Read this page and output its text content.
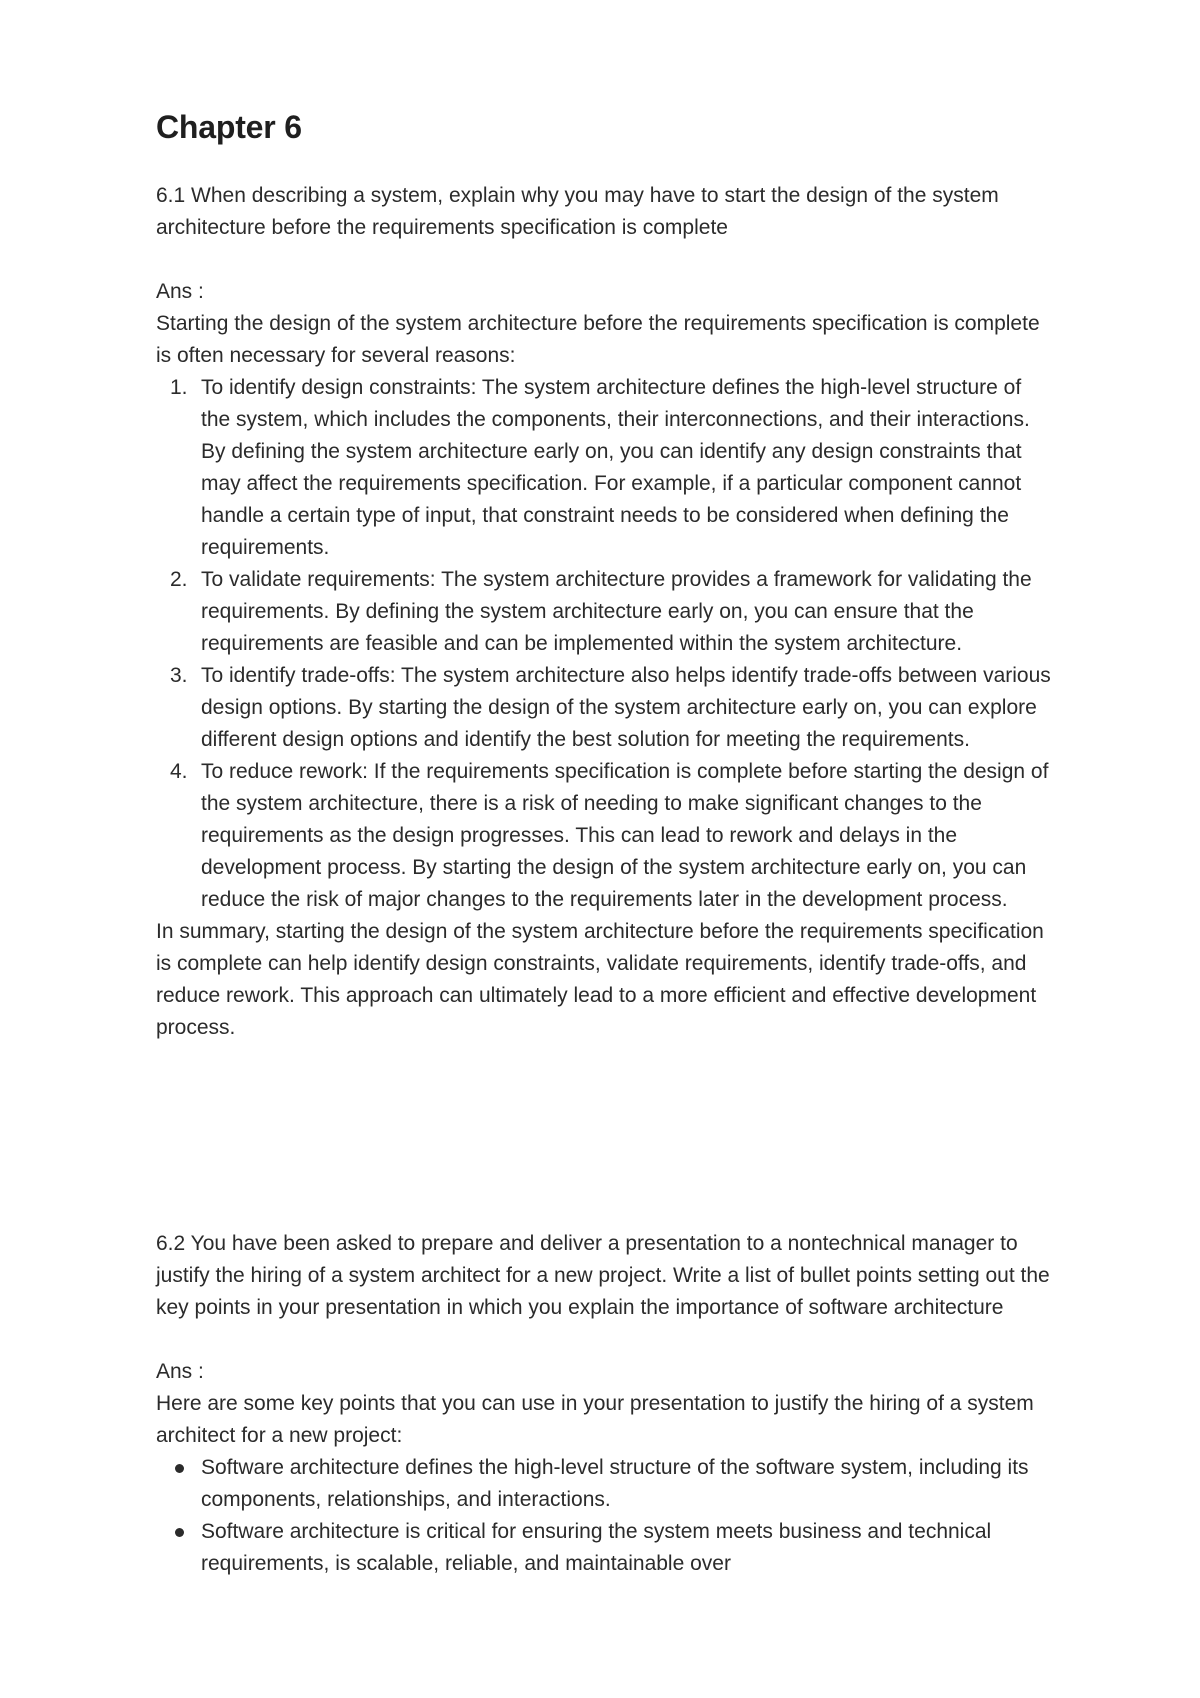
Chapter 6

6.1 When describing a system, explain why you may have to start the design of the system architecture before the requirements specification is complete

Ans :

Starting the design of the system architecture before the requirements specification is complete is often necessary for several reasons:

1. To identify design constraints: The system architecture defines the high-level structure of the system, which includes the components, their interconnections, and their interactions. By defining the system architecture early on, you can identify any design constraints that may affect the requirements specification. For example, if a particular component cannot handle a certain type of input, that constraint needs to be considered when defining the requirements.
2. To validate requirements: The system architecture provides a framework for validating the requirements. By defining the system architecture early on, you can ensure that the requirements are feasible and can be implemented within the system architecture.
3. To identify trade-offs: The system architecture also helps identify trade-offs between various design options. By starting the design of the system architecture early on, you can explore different design options and identify the best solution for meeting the requirements.
4. To reduce rework: If the requirements specification is complete before starting the design of the system architecture, there is a risk of needing to make significant changes to the requirements as the design progresses. This can lead to rework and delays in the development process. By starting the design of the system architecture early on, you can reduce the risk of major changes to the requirements later in the development process.

In summary, starting the design of the system architecture before the requirements specification is complete can help identify design constraints, validate requirements, identify trade-offs, and reduce rework. This approach can ultimately lead to a more efficient and effective development process.

6.2 You have been asked to prepare and deliver a presentation to a nontechnical manager to justify the hiring of a system architect for a new project. Write a list of bullet points setting out the key points in your presentation in which you explain the importance of software architecture

Ans :

Here are some key points that you can use in your presentation to justify the hiring of a system architect for a new project:

Software architecture defines the high-level structure of the software system, including its components, relationships, and interactions.
Software architecture is critical for ensuring the system meets business and technical requirements, is scalable, reliable, and maintainable over
